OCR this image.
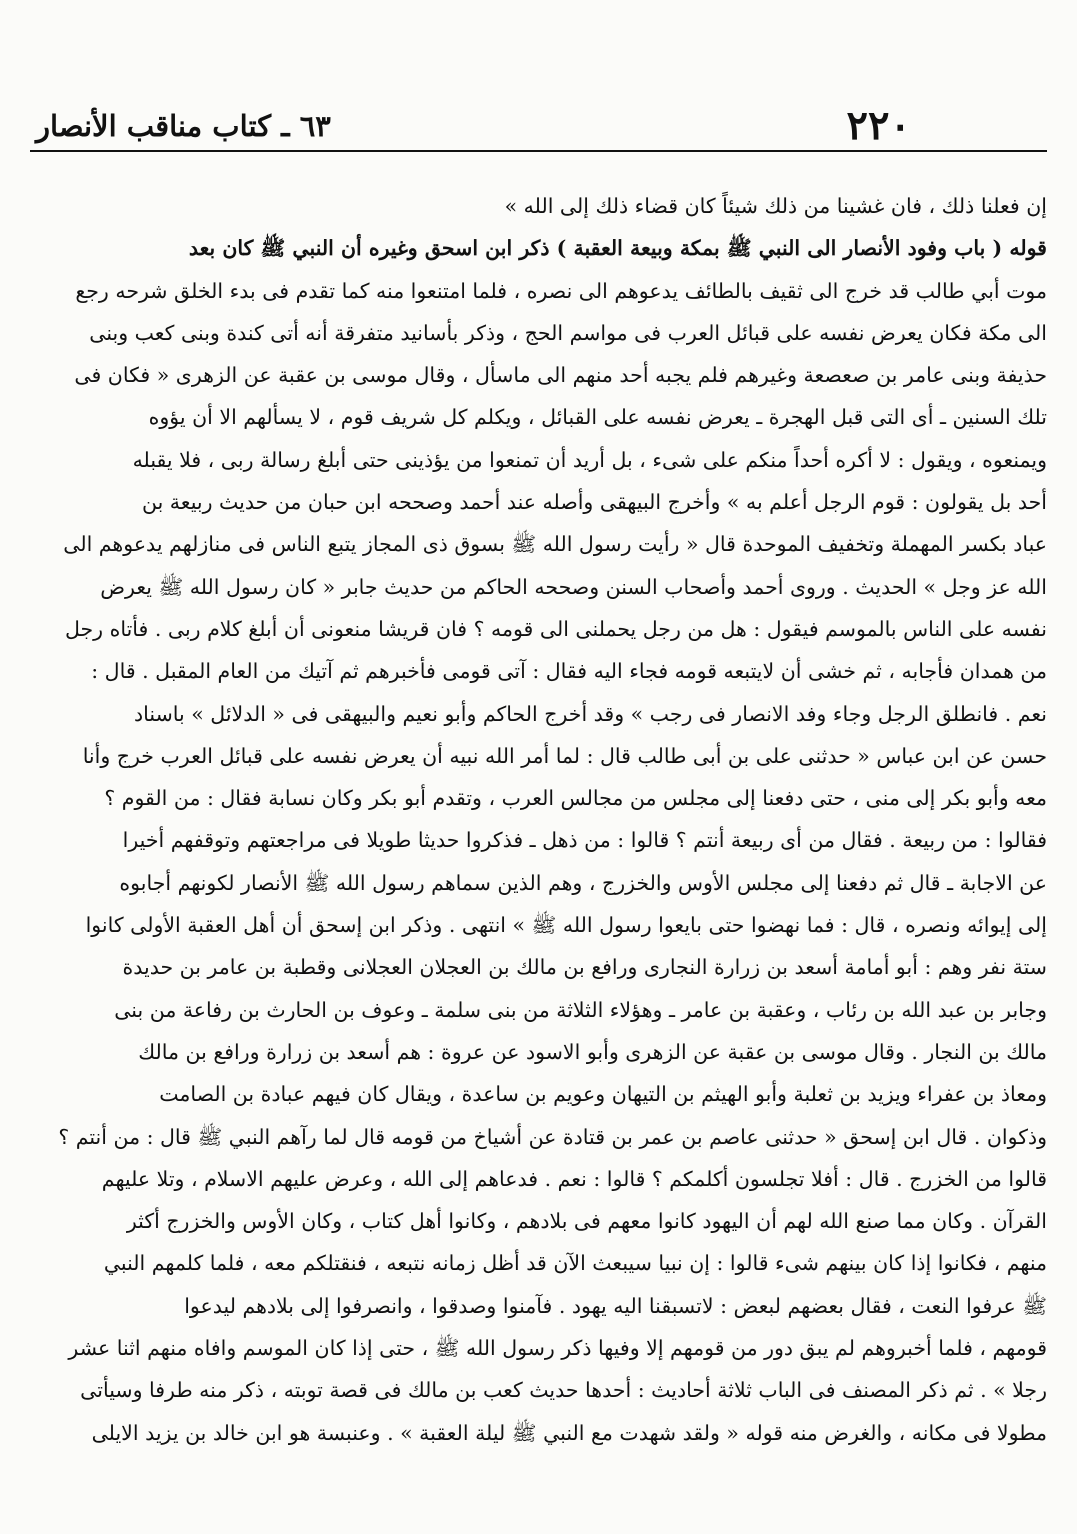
٢٢٠
٦٣ ـ كتاب مناقب الأنصار
إن فعلنا ذلك ، فان غشينا من ذلك شيئاً كان قضاء ذلك إلى الله »
قوله ( باب وفود الأنصار الى النبي ﷺ بمكة وبيعة العقبة ) ذكر ابن اسحق وغيره أن النبي ﷺ كان بعد
موت أبي طالب قد خرج الى ثقيف بالطائف يدعوهم الى نصره ، فلما امتنعوا منه كما تقدم فى بدء الخلق شرحه رجع
الى مكة فكان يعرض نفسه على قبائل العرب فى مواسم الحج ، وذكر بأسانيد متفرقة أنه أتى كندة وبنى كعب وبنى
حذيفة وبنى عامر بن صعصعة وغيرهم فلم يجبه أحد منهم الى ماسأل ، وقال موسى بن عقبة عن الزهرى « فكان فى
تلك السنين ـ أى التى قبل الهجرة ـ يعرض نفسه على القبائل ، ويكلم كل شريف قوم ، لا يسألهم الا أن يؤوه
ويمنعوه ، ويقول : لا أكره أحداً منكم على شىء ، بل أريد أن تمنعوا من يؤذينى حتى أبلغ رسالة ربى ، فلا يقبله
أحد بل يقولون : قوم الرجل أعلم به » وأخرج البيهقى وأصله عند أحمد وصححه ابن حبان من حديث ربيعة بن
عباد بكسر المهملة وتخفيف الموحدة قال « رأيت رسول الله ﷺ بسوق ذى المجاز يتبع الناس فى منازلهم يدعوهم الى
الله عز وجل » الحديث . وروى أحمد وأصحاب السنن وصححه الحاكم من حديث جابر « كان رسول الله ﷺ يعرض
نفسه على الناس بالموسم فيقول : هل من رجل يحملنى الى قومه ؟ فان قريشا منعونى أن أبلغ كلام ربى . فأتاه رجل
من همدان فأجابه ، ثم خشى أن لايتبعه قومه فجاء اليه فقال : آتى قومى فأخبرهم ثم آتيك من العام المقبل . قال :
نعم . فانطلق الرجل وجاء وفد الانصار فى رجب » وقد أخرج الحاكم وأبو نعيم والبيهقى فى « الدلائل » باسناد
حسن عن ابن عباس « حدثنى على بن أبى طالب قال : لما أمر الله نبيه أن يعرض نفسه على قبائل العرب خرج وأنا
معه وأبو بكر إلى منى ، حتى دفعنا إلى مجلس من مجالس العرب ، وتقدم أبو بكر وكان نسابة فقال : من القوم ؟
فقالوا : من ربيعة . فقال من أى ربيعة أنتم ؟ قالوا : من ذهل ـ فذكروا حديثا طويلا فى مراجعتهم وتوقفهم أخيرا
عن الاجابة ـ قال ثم دفعنا إلى مجلس الأوس والخزرج ، وهم الذين سماهم رسول الله ﷺ الأنصار لكونهم أجابوه
إلى إيوائه ونصره ، قال : فما نهضوا حتى بايعوا رسول الله ﷺ » انتهى . وذكر ابن إسحق أن أهل العقبة الأولى كانوا
ستة نفر وهم : أبو أمامة أسعد بن زرارة النجارى ورافع بن مالك بن العجلان العجلانى وقطبة بن عامر بن حديدة
وجابر بن عبد الله بن رئاب ، وعقبة بن عامر ـ وهؤلاء الثلاثة من بنى سلمة ـ وعوف بن الحارث بن رفاعة من بنى
مالك بن النجار . وقال موسى بن عقبة عن الزهرى وأبو الاسود عن عروة : هم أسعد بن زرارة ورافع بن مالك
ومعاذ بن عفراء ويزيد بن ثعلبة وأبو الهيثم بن التيهان وعويم بن ساعدة ، ويقال كان فيهم عبادة بن الصامت
وذكوان . قال ابن إسحق « حدثنى عاصم بن عمر بن قتادة عن أشياخ من قومه قال لما رآهم النبي ﷺ قال : من أنتم ؟
قالوا من الخزرج . قال : أفلا تجلسون أكلمكم ؟ قالوا : نعم . فدعاهم إلى الله ، وعرض عليهم الاسلام ، وتلا عليهم
القرآن . وكان مما صنع الله لهم أن اليهود كانوا معهم فى بلادهم ، وكانوا أهل كتاب ، وكان الأوس والخزرج أكثر
منهم ، فكانوا إذا كان بينهم شىء قالوا : إن نبيا سيبعث الآن قد أظل زمانه نتبعه ، فنقتلكم معه ، فلما كلمهم النبي
ﷺ عرفوا النعت ، فقال بعضهم لبعض : لاتسبقنا اليه يهود . فآمنوا وصدقوا ، وانصرفوا إلى بلادهم ليدعوا
قومهم ، فلما أخبروهم لم يبق دور من قومهم إلا وفيها ذكر رسول الله ﷺ ، حتى إذا كان الموسم وافاه منهم اثنا عشر
رجلا » . ثم ذكر المصنف فى الباب ثلاثة أحاديث : أحدها حديث كعب بن مالك فى قصة توبته ، ذكر منه طرفا وسيأتى
مطولا فى مكانه ، والغرض منه قوله « ولقد شهدت مع النبي ﷺ ليلة العقبة » . وعنبسة هو ابن خالد بن يزيد الايلى
